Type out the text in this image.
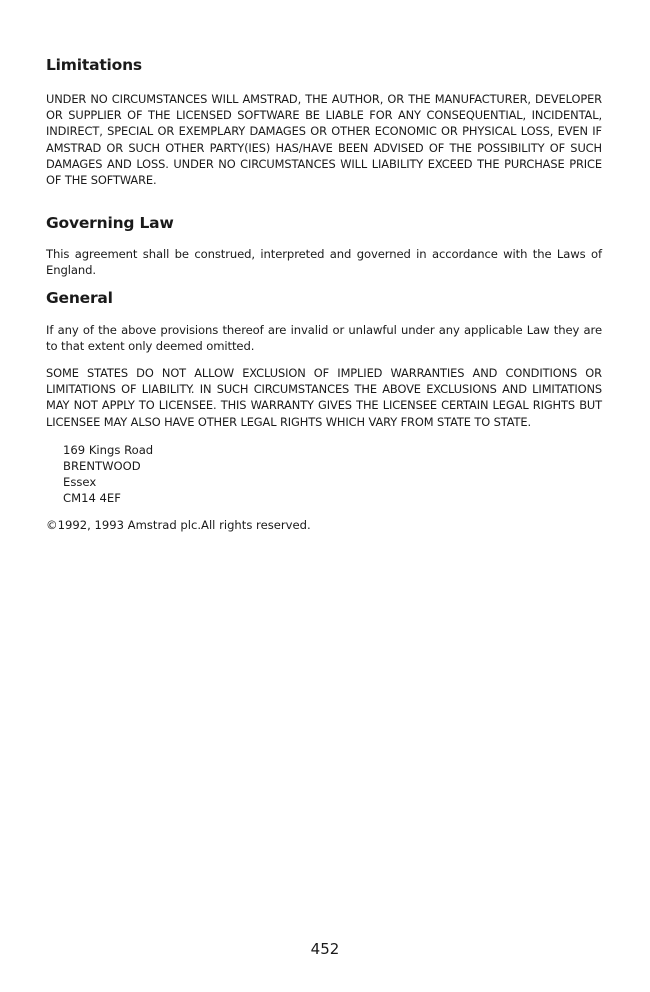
Limitations

UNDER NO CIRCUMSTANCES WILL AMSTRAD, THE AUTHOR, OR THE MANUFACTURER, DEVELOPER OR SUPPLIER OF THE LICENSED SOFTWARE BE LIABLE FOR ANY CONSEQUENTIAL, INCIDENTAL, INDIRECT, SPECIAL OR EXEMPLARY DAMAGES OR OTHER ECONOMIC OR PHYSICAL LOSS, EVEN IF AMSTRAD OR SUCH OTHER PARTY(IES) HAS/HAVE BEEN ADVISED OF THE POSSIBILITY OF SUCH DAMAGES AND LOSS. UNDER NO CIRCUMSTANCES WILL LIABILITY EXCEED THE PURCHASE PRICE OF THE SOFTWARE.

Governing Law

This agreement shall be construed, interpreted and governed in accordance with the Laws of England.

General

If any of the above provisions thereof are invalid or unlawful under any applicable Law they are to that extent only deemed omitted.

SOME STATES DO NOT ALLOW EXCLUSION OF IMPLIED WARRANTIES AND CONDITIONS OR LIMITATIONS OF LIABILITY. IN SUCH CIRCUMSTANCES THE ABOVE EXCLUSIONS AND LIMITATIONS MAY NOT APPLY TO LICENSEE. THIS WARRANTY GIVES THE LICENSEE CERTAIN LEGAL RIGHTS BUT LICENSEE MAY ALSO HAVE OTHER LEGAL RIGHTS WHICH VARY FROM STATE TO STATE.

169 Kings Road
BRENTWOOD
Essex
CM14 4EF
©1992, 1993 Amstrad plc.All rights reserved.
452
